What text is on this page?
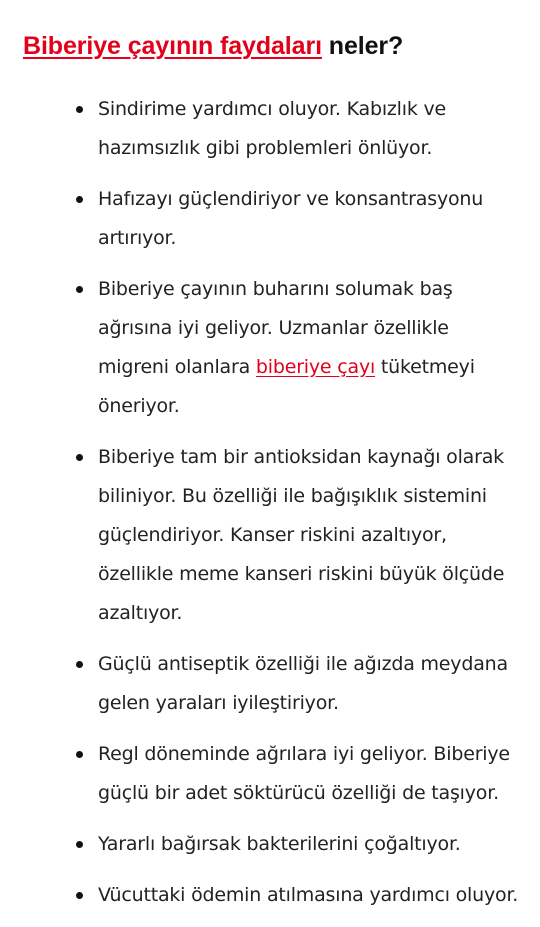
Biberiye çayının faydaları neler?
Sindirime yardımcı oluyor. Kabızlık ve hazımsızlık gibi problemleri önlüyor.
Hafızayı güçlendiriyor ve konsantrasyonu artırıyor.
Biberiye çayının buharını solumak baş ağrısına iyi geliyor. Uzmanlar özellikle migreni olanlara biberiye çayı tüketmeyi öneriyor.
Biberiye tam bir antioksidan kaynağı olarak biliniyor. Bu özelliği ile bağışıklık sistemini güçlendiriyor. Kanser riskini azaltıyor, özellikle meme kanseri riskini büyük ölçüde azaltıyor.
Güçlü antiseptik özelliği ile ağızda meydana gelen yaraları iyileştiriyor.
Regl döneminde ağrılara iyi geliyor. Biberiye güçlü bir adet söktürücü özelliği de taşıyor.
Yararlı bağırsak bakterilerini çoğaltıyor.
Vücuttaki ödemin atılmasına yardımcı oluyor.
